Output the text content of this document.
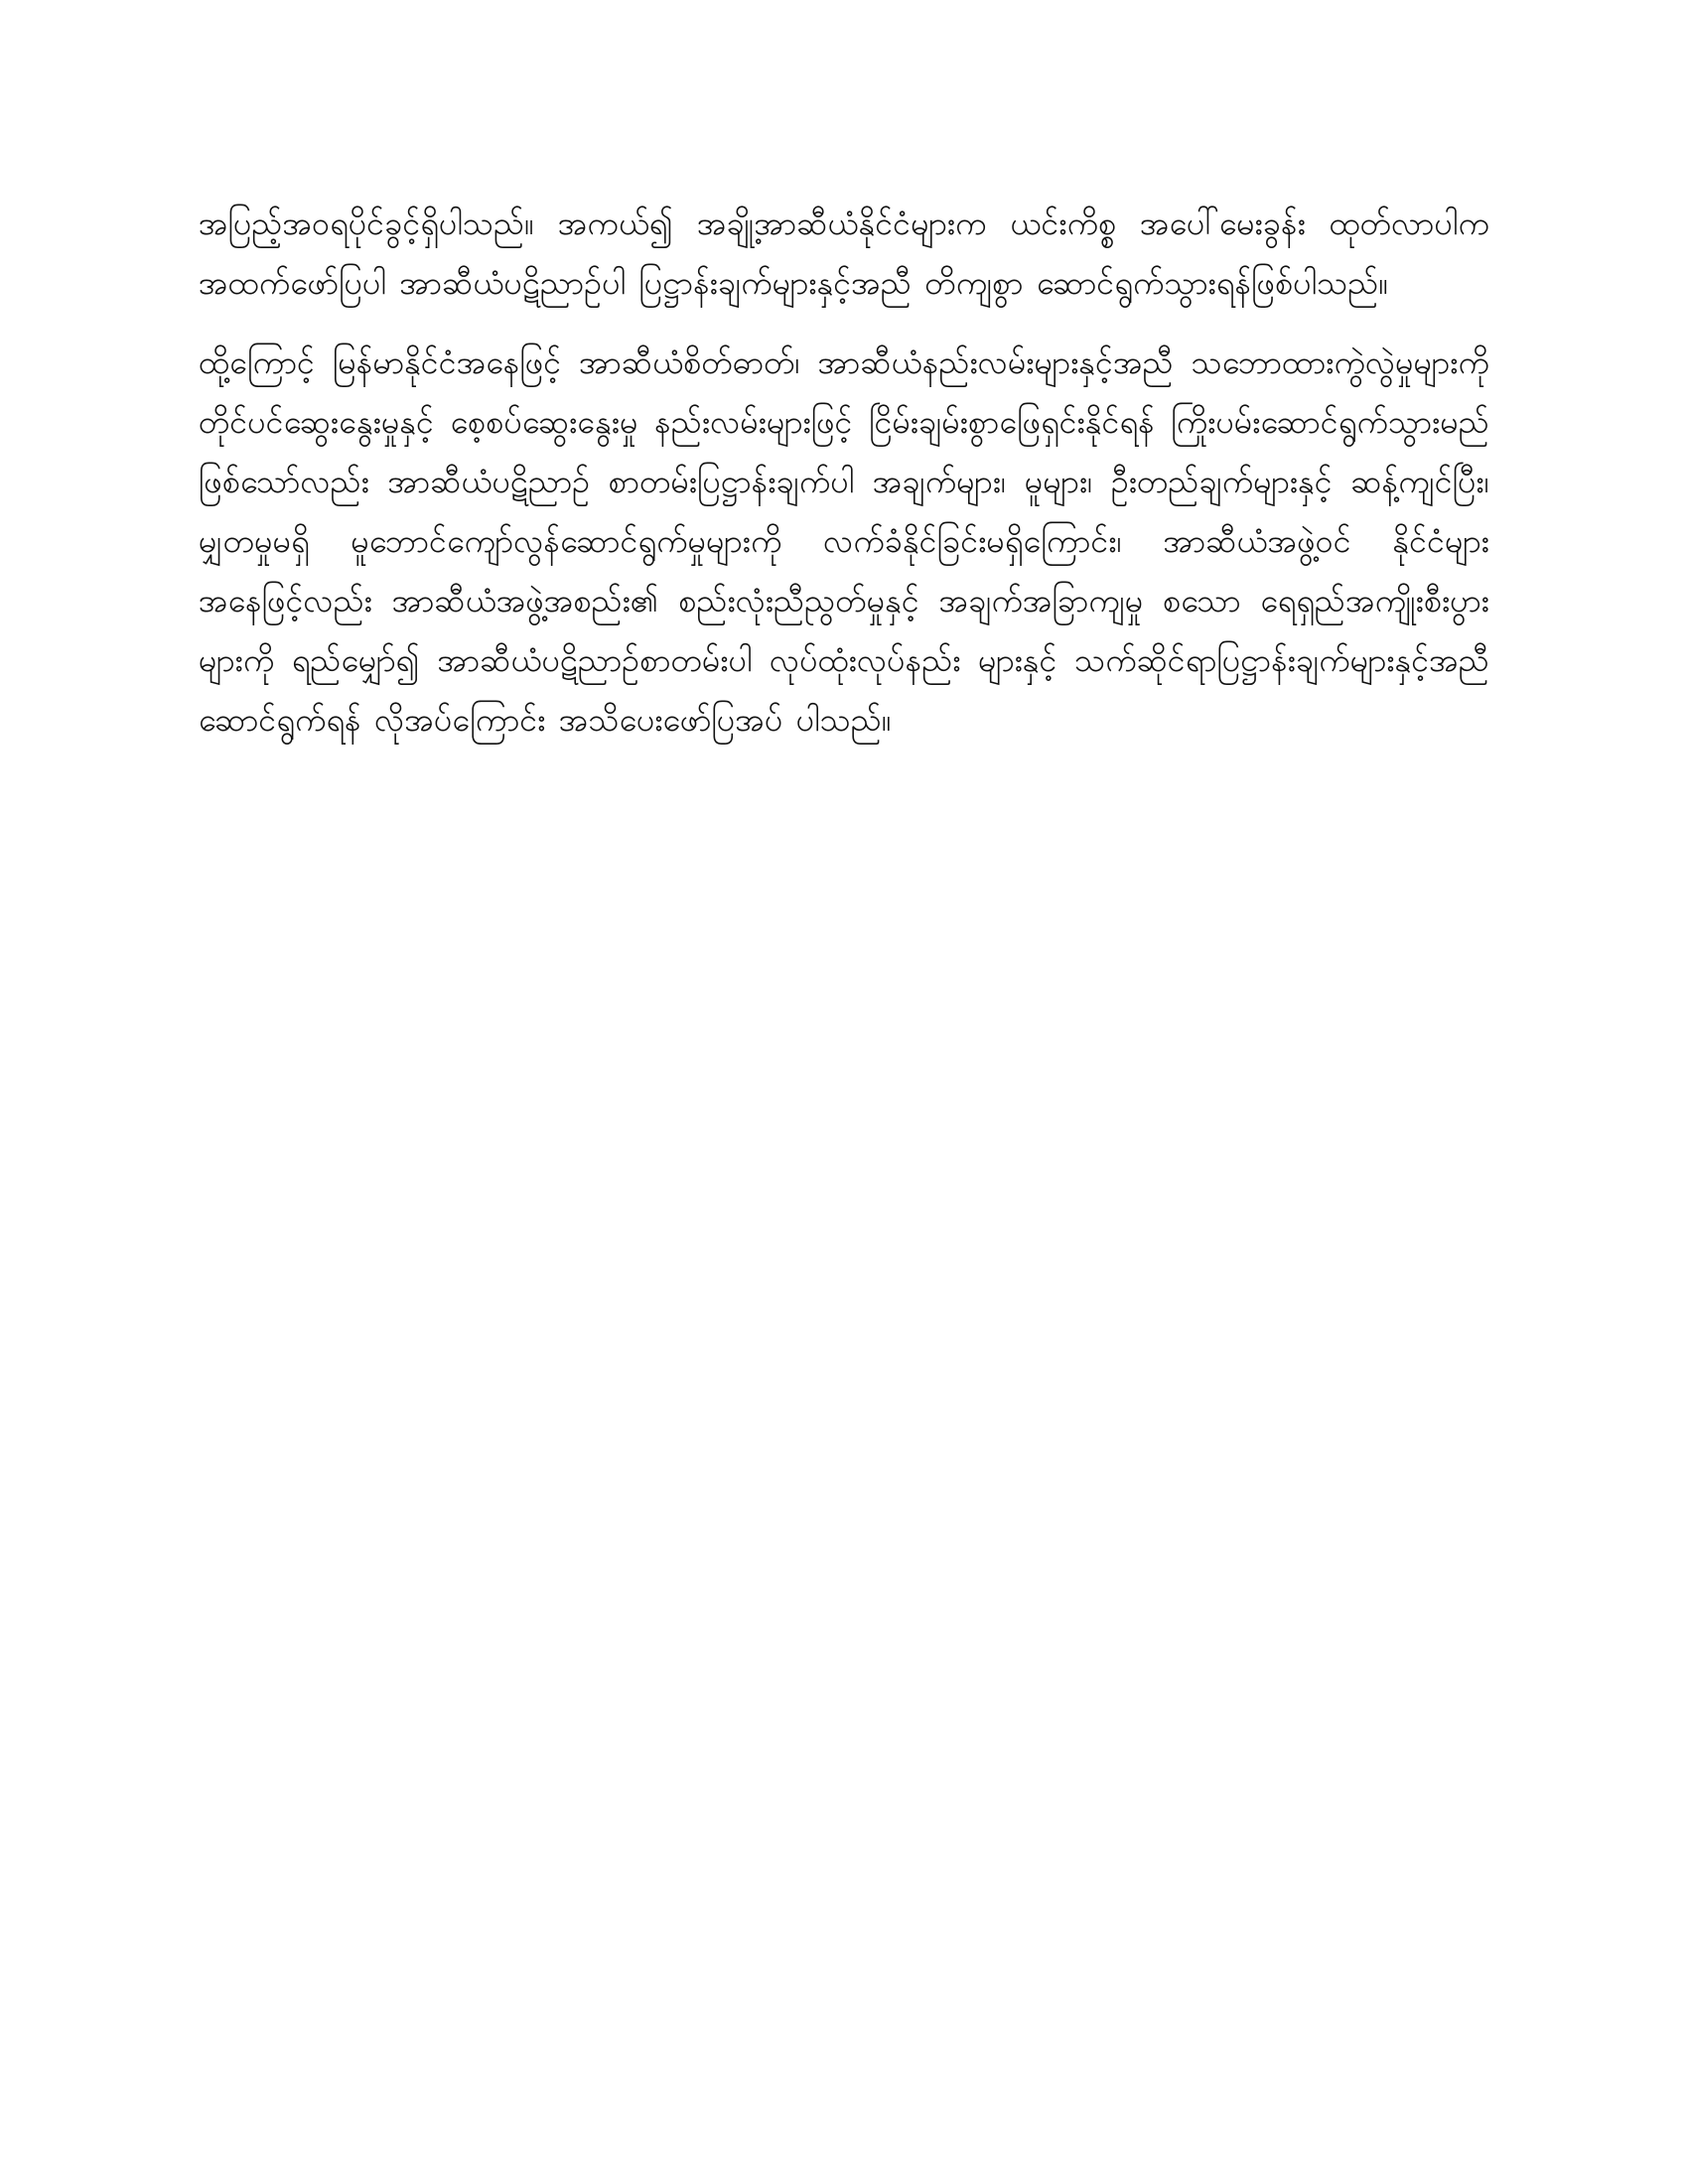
အပြည့်အဝရပိုင်ခွင့်ရှိပါသည်။ အကယ်၍ အချို့အာဆီယံနိုင်ငံများက ယင်းကိစ္စ အပေါ်မေးခွန်း ထုတ်လာပါက အထက်ဖော်ပြပါ အာဆီယံပဋိညာဉ်ပါ ပြဋ္ဌာန်းချက်များနှင့်အညီ တိကျစွာ ဆောင်ရွက်သွားရန်ဖြစ်ပါသည်။

ထို့ကြောင့် မြန်မာနိုင်ငံအနေဖြင့် အာဆီယံစိတ်ဓာတ်၊ အာဆီယံနည်းလမ်းများနှင့်အညီ သဘောထားကွဲလွဲမှုများကို တိုင်ပင်ဆွေးနွေးမှုနှင့် စေ့စပ်ဆွေးနွေးမှု နည်းလမ်းများဖြင့် ငြိမ်းချမ်းစွာဖြေရှင်းနိုင်ရန် ကြိုးပမ်းဆောင်ရွက်သွားမည် ဖြစ်သော်လည်း အာဆီယံပဋိညာဉ် စာတမ်းပြဋ္ဌာန်းချက်ပါ အချက်များ၊ မူများ၊ ဦးတည်ချက်များနှင့် ဆန့်ကျင်ပြီး၊ မျှတမှုမရှိ မူဘောင်ကျော်လွန်ဆောင်ရွက်မှုများကို လက်ခံနိုင်ခြင်းမရှိကြောင်း၊ အာဆီယံအဖွဲ့ဝင် နိုင်ငံများ အနေဖြင့်လည်း အာဆီယံအဖွဲ့အစည်း၏ စည်းလုံးညီညွတ်မှုနှင့် အချက်အခြာကျမှု စသော ရေရှည်အကျိုးစီးပွားများကို ရည်မျှော်၍ အာဆီယံပဋိညာဉ်စာတမ်းပါ လုပ်ထုံးလုပ်နည်း များနှင့် သက်ဆိုင်ရာပြဋ္ဌာန်းချက်များနှင့်အညီ ဆောင်ရွက်ရန် လိုအပ်ကြောင်း အသိပေးဖော်ပြအပ် ပါသည်။
